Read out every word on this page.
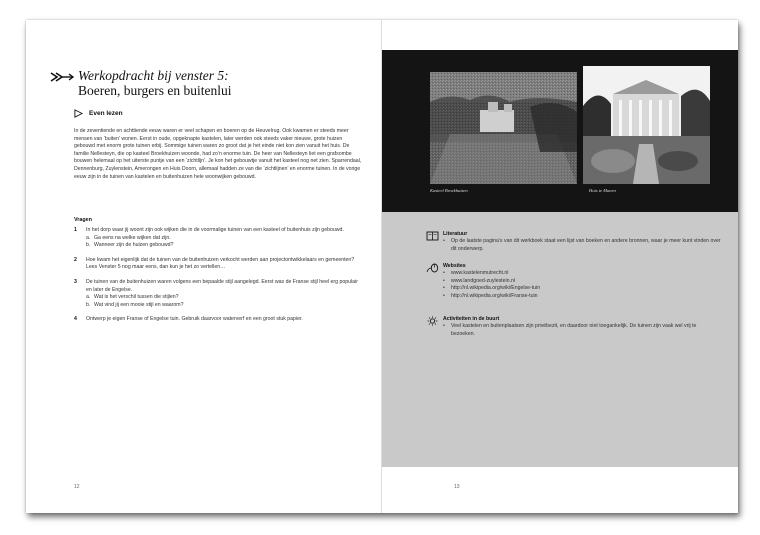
Werkopdracht bij venster 5:
Boeren, burgers en buitenlui
Even lezen

In de zeventiende en achttiende eeuw waren er veel schapen en boeren op de Heuvelrug. Ook kwamen er steeds meer mensen van ‘buiten’ wonen. Eerst in oude, opgeknapte kastelen, later werden ook steeds vaker nieuwe, grote huizen gebouwd met enorm grote tuinen erbij. Sommige tuinen waren zo groot dat je het einde niet kon zien vanuit het huis. De familie Nellesteyn, die op kasteel Broekhuizen woonde, had zo’n enorme tuin. De heer van Nellesteyn liet een grafsombe bouwen helemaal op het uiterste puntje van een ‘zichtlijn’. Je kon het gebouwtje vanuit het kasteel nog net zien. Sparrendaal, Dennenburg, Zuylenstein, Amerongen en Huis Doorn, allemaal hadden ze van die ‘zichtlijnen’ en enorme tuinen. In de vorige eeuw zijn in de tuinen van kastelen en buitenhuizen hele woonwijken gebouwd.

Vragen
1	In het dorp waar jij woont zijn ook wijken die in de voormalige tuinen van een kasteel of buitenhuis zijn gebouwd.
a. Ga eens na welke wijken dat zijn.
b. Wanneer zijn de huizen gebouwd?
2	Hoe kwam het eigenlijk dat de tuinen van de buitenhuizen verkocht werden aan projectontwikkelaars en gemeenten? Lees Venster 5 nog maar eens, dan kun je het zo vertellen…
3	De tuinen van de buitenhuizen waren volgens een bepaalde stijl aangelegd. Eerst was de Franse stijl heel erg populair en later de Engelse.
a. Wat is het verschil tussen die stijlen?
b. Wat vind jij een mooie stijl en waarom?
4	Ontwerp je eigen Franse of Engelse tuin. Gebruik daarvoor waterverf en een groot stuk papier.
12
Kasteel Broekhuizen	Huis te Maarn
Literatuur
•	Op de laatste pagina’s van dit werkboek staat een lijst van boeken en andere bronnen, waar je meer kunt vinden over dit onderwerp.
Websites
•	www.kastelenmutrecht.nl
•	www.landgoed-zuylestein.nl
•	http://nl.wikipedia.org/wiki/Engelse-tuin
•	http://nl.wikipedia.org/wiki/Franse-tuin
Activiteiten in de buurt
•	Veel kastelen en buitenplaatsen zijn privébezit, en daardoor niet toegankelijk. De tuinen zijn vaak wel vrij te bezoeken.
13
